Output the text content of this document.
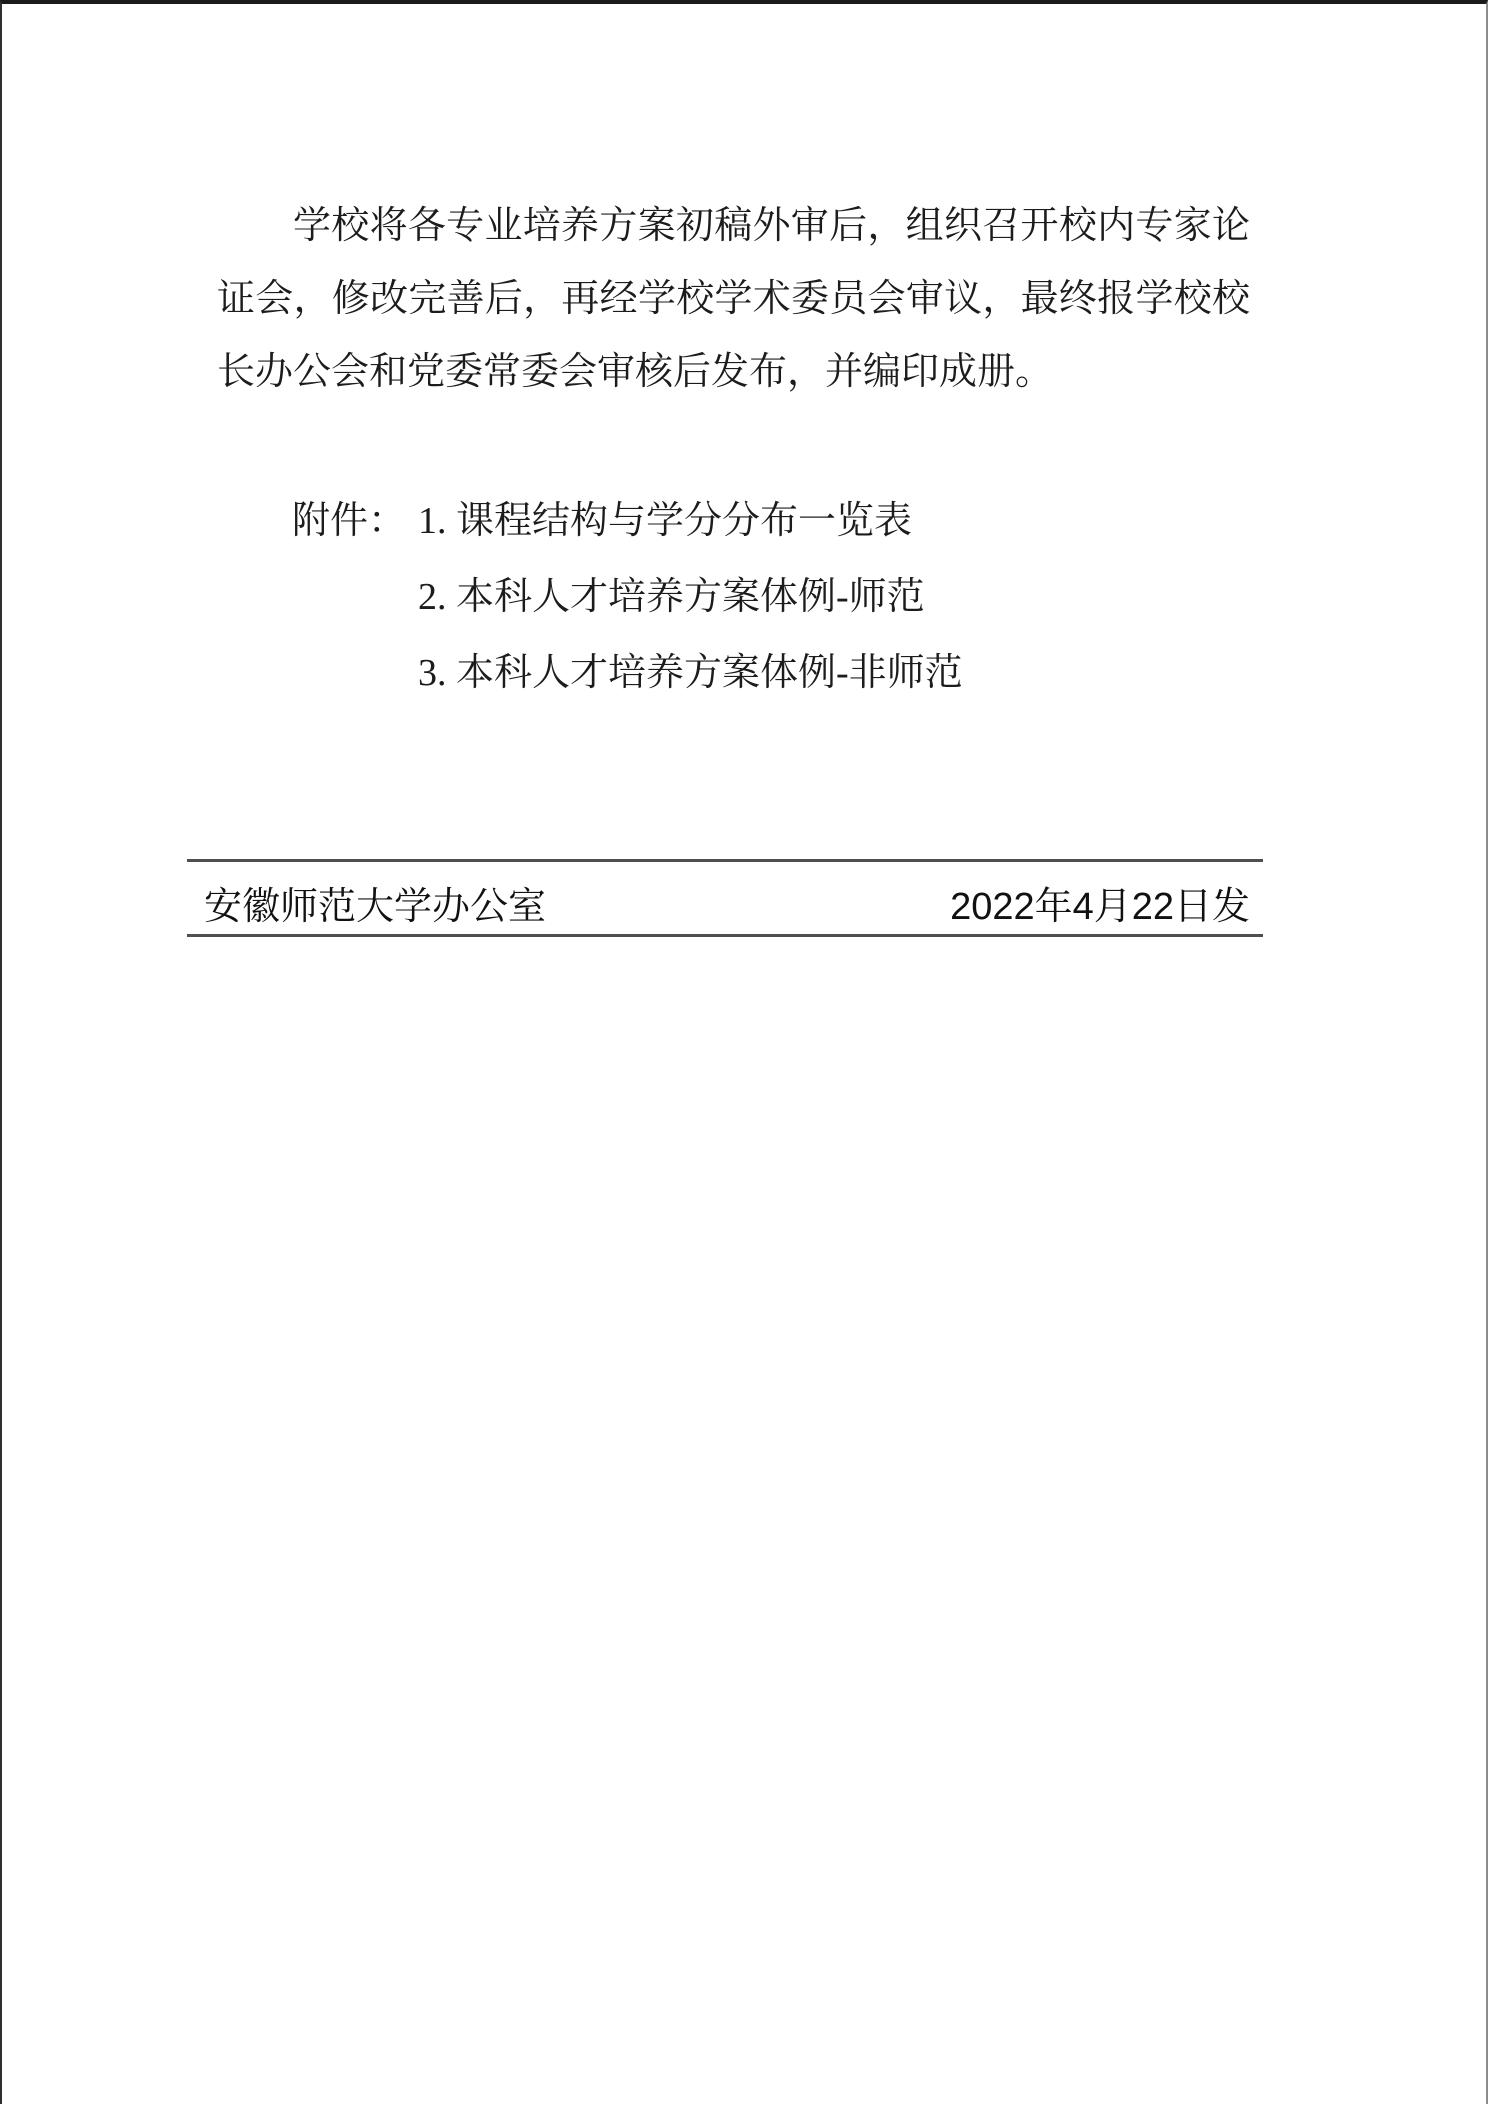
学校将各专业培养方案初稿外审后，组织召开校内专家论

证会，修改完善后，再经学校学术委员会审议，最终报学校校

长办公会和党委常委会审核后发布，并编印成册。

附件： 1. 课程结构与学分分布一览表
2. 本科人才培养方案体例-师范
3. 本科人才培养方案体例-非师范
安徽师范大学办公室	2022年4月22日发
